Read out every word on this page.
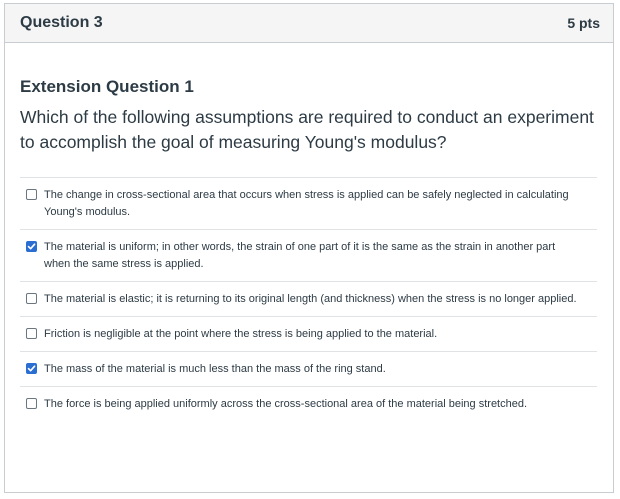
Question 3	5 pts
Extension Question 1
Which of the following assumptions are required to conduct an experiment to accomplish the goal of measuring Young's modulus?
The change in cross-sectional area that occurs when stress is applied can be safely neglected in calculating Young's modulus.
The material is uniform; in other words, the strain of one part of it is the same as the strain in another part when the same stress is applied.
The material is elastic; it is returning to its original length (and thickness) when the stress is no longer applied.
Friction is negligible at the point where the stress is being applied to the material.
The mass of the material is much less than the mass of the ring stand.
The force is being applied uniformly across the cross-sectional area of the material being stretched.
